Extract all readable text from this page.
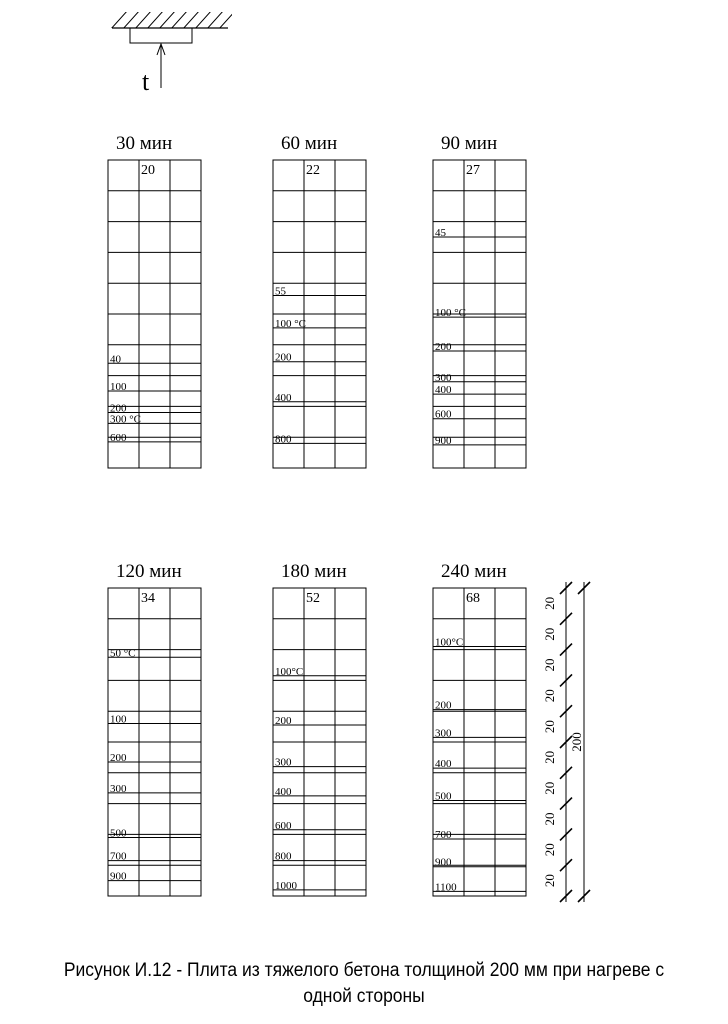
t
30 мин
20
40
100
200
300 °C
600
60 мин
22
55
100 °C
200
400
800
90 мин
27
45
100 °C
200
300
400
600
900
120 мин
34
50 °C
100
200
300
500
700
900
180 мин
52
100°C
200
300
400
600
800
1000
240 мин
68
100°C
200
300
400
500
700
900
1100
20
20
20
20
20
20
20
20
20
20
200
Рисунок И.12 - Плита из тяжелого бетона толщиной 200 мм при нагреве с
одной стороны
